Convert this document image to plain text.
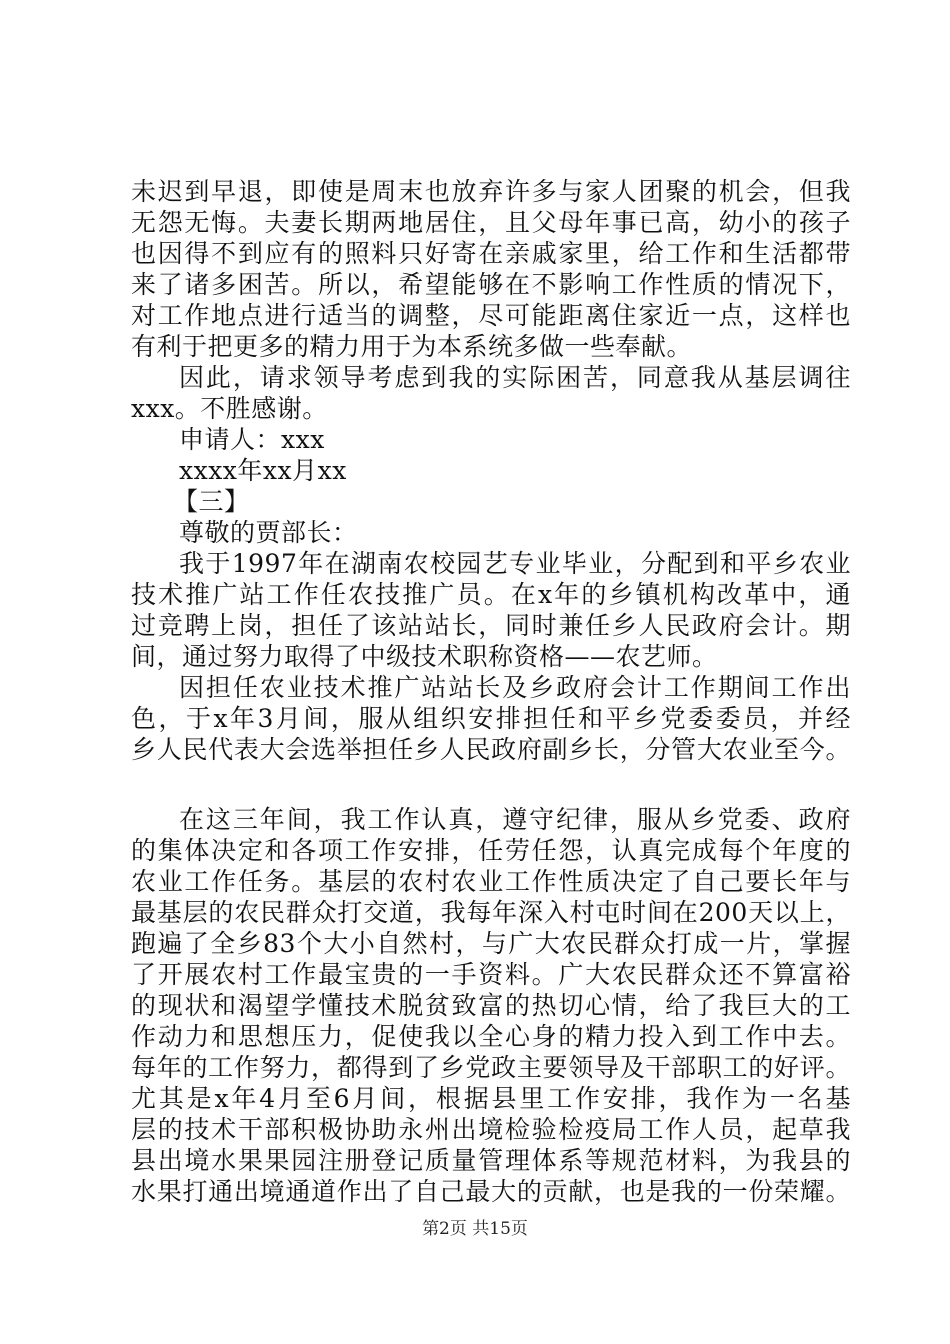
未迟到早退，即使是周末也放弃许多与家人团聚的机会，但我
无怨无悔。夫妻长期两地居住，且父母年事已高，幼小的孩子
也因得不到应有的照料只好寄在亲戚家里，给工作和生活都带
来了诸多困苦。所以，希望能够在不影响工作性质的情况下，
对工作地点进行适当的调整，尽可能距离住家近一点，这样也
有利于把更多的精力用于为本系统多做一些奉献。
因此，请求领导考虑到我的实际困苦，同意我从基层调往
xxx。不胜感谢。
申请人：xxx
xxxx年xx月xx
【三】
尊敬的贾部长：
我于1997年在湖南农校园艺专业毕业，分配到和平乡农业
技术推广站工作任农技推广员。在x年的乡镇机构改革中，通
过竞聘上岗，担任了该站站长，同时兼任乡人民政府会计。期
间，通过努力取得了中级技术职称资格——农艺师。
因担任农业技术推广站站长及乡政府会计工作期间工作出
色，于x年3月间，服从组织安排担任和平乡党委委员，并经
乡人民代表大会选举担任乡人民政府副乡长，分管大农业至今。
在这三年间，我工作认真，遵守纪律，服从乡党委、政府
的集体决定和各项工作安排，任劳任怨，认真完成每个年度的
农业工作任务。基层的农村农业工作性质决定了自己要长年与
最基层的农民群众打交道，我每年深入村屯时间在200天以上，
跑遍了全乡83个大小自然村，与广大农民群众打成一片，掌握
了开展农村工作最宝贵的一手资料。广大农民群众还不算富裕
的现状和渴望学懂技术脱贫致富的热切心情，给了我巨大的工
作动力和思想压力，促使我以全心身的精力投入到工作中去。
每年的工作努力，都得到了乡党政主要领导及干部职工的好评。
尤其是x年4月至6月间，根据县里工作安排，我作为一名基
层的技术干部积极协助永州出境检验检疫局工作人员，起草我
县出境水果果园注册登记质量管理体系等规范材料，为我县的
水果打通出境通道作出了自己最大的贡献，也是我的一份荣耀。
第2页 共15页
